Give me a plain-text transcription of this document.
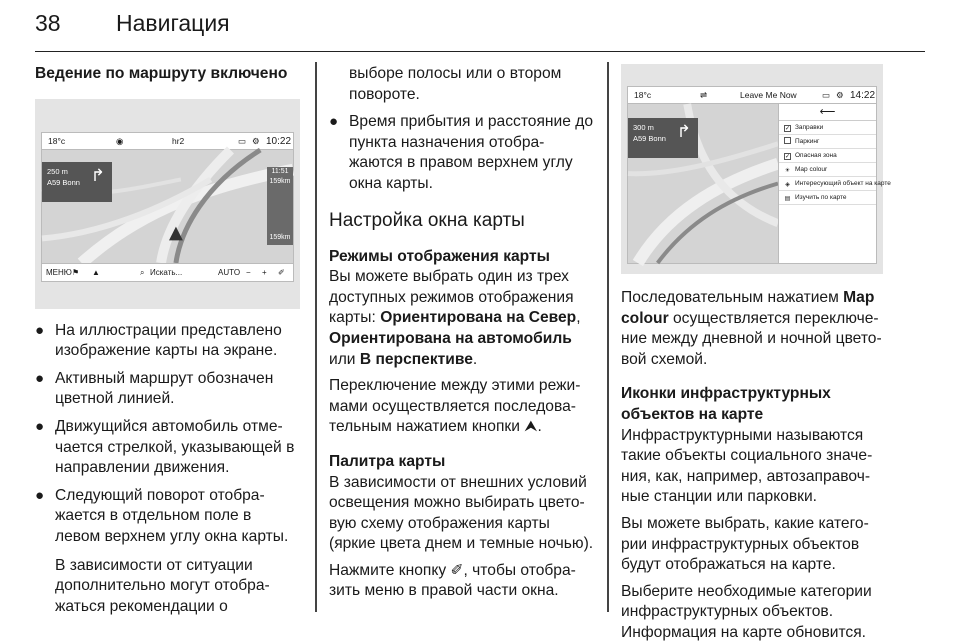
38 Навигация
Ведение по маршруту включено
18°c	◉	hr2	▭ ⚙ 10:22
250 m
A59 Bonn ↱	11:51
159km
159km
МЕНЮ ⚑ ▲	⌕ Искать...	AUTO − + ✐
● На иллюстрации представлено изображение карты на экране.
● Активный маршрут обозначен цветной линией.
● Движущийся автомобиль отме-чается стрелкой, указывающей в направлении движения.
● Следующий поворот отобра-жается в отдельном поле в левом верхнем углу окна карты.

В зависимости от ситуации дополнительно могут отобра-жаться рекомендации о

выборе полосы или о втором повороте.

● Время прибытия и расстояние до пункта назначения отобра-жаются в правом верхнем углу окна карты.
Настройка окна карты
Режимы отображения карты

Вы можете выбрать один из трех доступных режимов отображения карты: Ориентирована на Север, Ориентирована на автомобиль или В перспективе.

Переключение между этими режи-мами осуществляется последова-тельным нажатием кнопки ⮝.

Палитра карты

В зависимости от внешних условий освещения можно выбирать цвето-вую схему отображения карты (яркие цвета днем и темные ночью).

Нажмите кнопку ✐, чтобы отобра-зить меню в правой части окна.

18°c	⇌	Leave Me Now	▭ ⚙ 14:22
300 m
A59 Bonn ↱
⟵
✓ Заправки
Паркинг
✓ Опасная зона
☀ Map colour
◈ Интересующий объект на карте
▤ Изучить по карте

Последовательным нажатием Map colour осуществляется переключе-ние между дневной и ночной цвето-вой схемой.

Иконки инфраструктурных объектов на карте

Инфраструктурными называются такие объекты социального значе-ния, как, например, автозаправоч-ные станции или парковки.

Вы можете выбрать, какие катего-рии инфраструктурных объектов будут отображаться на карте.

Выберите необходимые категории инфраструктурных объектов. Информация на карте обновится.
